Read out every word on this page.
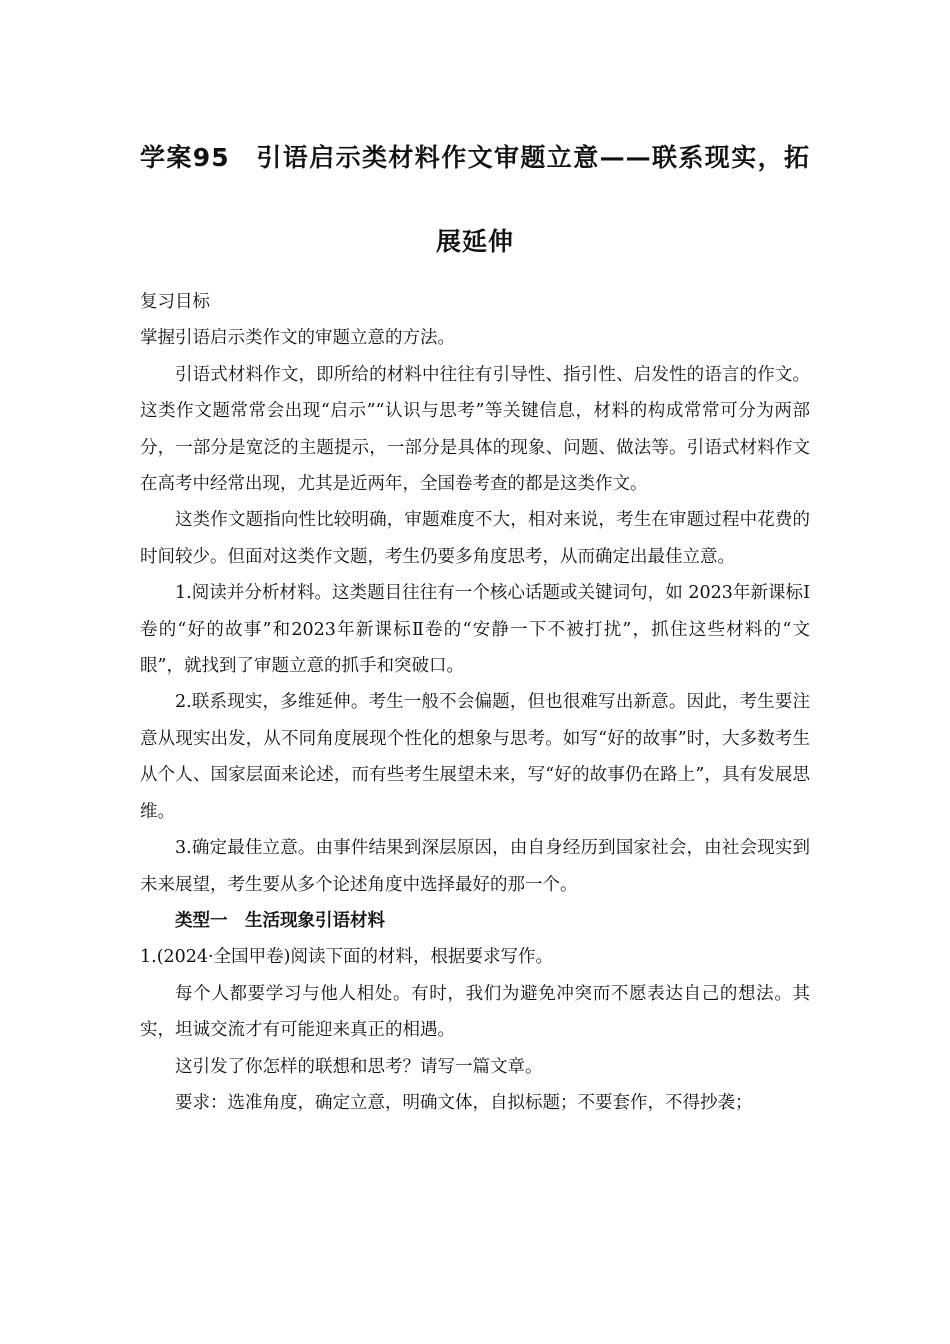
学案95　引语启示类材料作文审题立意——联系现实，拓
展延伸

复习目标

掌握引语启示类作文的审题立意的方法。

引语式材料作文，即所给的材料中往往有引导性、指引性、启发性的语言的作文。这类作文题常常会出现“启示”“认识与思考”等关键信息，材料的构成常常可分为两部分，一部分是宽泛的主题提示，一部分是具体的现象、问题、做法等。引语式材料作文在高考中经常出现，尤其是近两年，全国卷考查的都是这类作文。

这类作文题指向性比较明确，审题难度不大，相对来说，考生在审题过程中花费的时间较少。但面对这类作文题，考生仍要多角度思考，从而确定出最佳立意。

1.阅读并分析材料。这类题目往往有一个核心话题或关键词句，如 2023年新课标Ⅰ卷的“好的故事”和2023年新课标Ⅱ卷的“安静一下不被打扰”，抓住这些材料的“文眼”，就找到了审题立意的抓手和突破口。

2.联系现实，多维延伸。考生一般不会偏题，但也很难写出新意。因此，考生要注意从现实出发，从不同角度展现个性化的想象与思考。如写“好的故事”时，大多数考生从个人、国家层面来论述，而有些考生展望未来，写“好的故事仍在路上”，具有发展思维。

3.确定最佳立意。由事件结果到深层原因，由自身经历到国家社会，由社会现实到未来展望，考生要从多个论述角度中选择最好的那一个。

类型一　生活现象引语材料

1.(2024·全国甲卷)阅读下面的材料，根据要求写作。

每个人都要学习与他人相处。有时，我们为避免冲突而不愿表达自己的想法。其实，坦诚交流才有可能迎来真正的相遇。

这引发了你怎样的联想和思考？请写一篇文章。

要求：选准角度，确定立意，明确文体，自拟标题；不要套作，不得抄袭；
